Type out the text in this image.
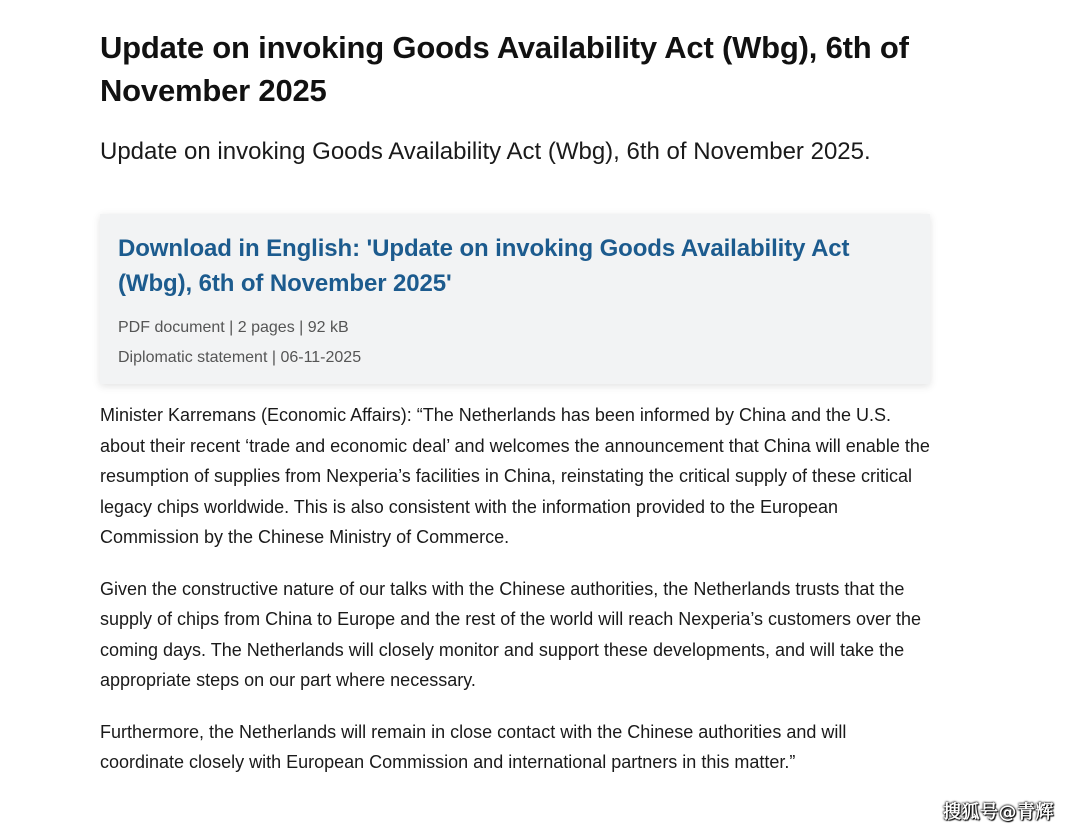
Update on invoking Goods Availability Act (Wbg), 6th of November 2025
Update on invoking Goods Availability Act (Wbg), 6th of November 2025.
Download in English: 'Update on invoking Goods Availability Act (Wbg), 6th of November 2025'
PDF document | 2 pages | 92 kB
Diplomatic statement | 06-11-2025

Minister Karremans (Economic Affairs): “The Netherlands has been informed by China and the U.S. about their recent ‘trade and economic deal’ and welcomes the announcement that China will enable the resumption of supplies from Nexperia’s facilities in China, reinstating the critical supply of these critical legacy chips worldwide. This is also consistent with the information provided to the European Commission by the Chinese Ministry of Commerce.

Given the constructive nature of our talks with the Chinese authorities, the Netherlands trusts that the supply of chips from China to Europe and the rest of the world will reach Nexperia’s customers over the coming days. The Netherlands will closely monitor and support these developments, and will take the appropriate steps on our part where necessary.

Furthermore, the Netherlands will remain in close contact with the Chinese authorities and will coordinate closely with European Commission and international partners in this matter.”

搜狐号@青辉
